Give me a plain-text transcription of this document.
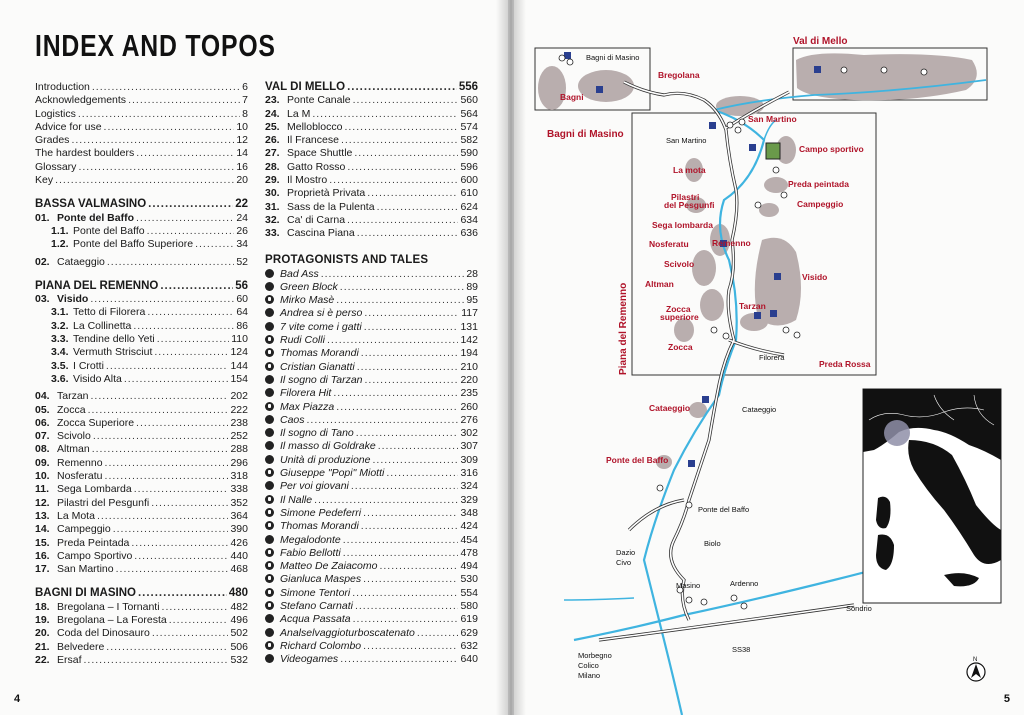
INDEX AND TOPOS
Introduction .....	6
Acknowledgements .....	7
Logistics .....	8
Advice for use .....	10
Grades .....	12
The hardest boulders .....	14
Glossary .....	16
Key .....	20
BASSA VALMASINO .....	22
01. Ponte del Baffo .....	24
1.1. Ponte del Baffo .....	26
1.2. Ponte del Baffo Superiore .....	34
02. Cataeggio .....	52
PIANA DEL REMENNO .....	56
03. Visido .....	60
3.1. Tetto di Filorera .....	64
3.2. La Collinetta .....	86
3.3. Tendine dello Yeti .....	110
3.4. Vermuth Strisciut .....	124
3.5. I Crotti .....	144
3.6. Visido Alta .....	154
04. Tarzan .....	202
05. Zocca .....	222
06. Zocca Superiore .....	238
07. Scivolo .....	252
08. Altman .....	288
09. Remenno .....	296
10. Nosferatu .....	318
11. Sega Lombarda .....	338
12. Pilastri del Pesgunfi .....	352
13. La Mota .....	364
14. Campeggio .....	390
15. Preda Peintada .....	426
16. Campo Sportivo .....	440
17. San Martino .....	468
BAGNI DI MASINO .....	480
18. Bregolana – I Tornanti .....	482
19. Bregolana – La Foresta .....	496
20. Coda del Dinosauro .....	502
21. Belvedere .....	506
22. Ersaf .....	532
VAL DI MELLO .....	556
23. Ponte Canale .....	560
24. La M .....	564
25. Melloblocco .....	574
26. Il Francese .....	582
27. Space Shuttle .....	590
28. Gatto Rosso .....	596
29. Il Mostro .....	600
30. Proprietà Privata .....	610
31. Sass de la Pulenta .....	624
32. Ca' di Carna .....	634
33. Cascina Piana .....	636
PROTAGONISTS AND TALES
Bad Ass .....	28
Green Block .....	89
Mirko Masè .....	95
Andrea si è perso .....	117
7 vite come i gatti .....	131
Rudi Colli .....	142
Thomas Morandi .....	194
Cristian Gianatti .....	210
Il sogno di Tarzan .....	220
Filorera Hit .....	235
Max Piazza .....	260
Caos .....	276
Il sogno di Tano .....	302
Il masso di Goldrake .....	307
Unità di produzione .....	309
Giuseppe "Popi" Miotti .....	316
Per voi giovani .....	324
Il Nalle .....	329
Simone Pedeferri .....	348
Thomas Morandi .....	424
Megalodonte .....	454
Fabio Bellotti .....	478
Matteo De Zaiacomo .....	494
Gianluca Maspes .....	530
Simone Tentori .....	554
Stefano Carnati .....	580
Acqua Passata .....	619
Analselvaggioturboscatenato .....	629
Richard Colombo .....	632
Videogames .....	640
4
Val di Mello
Bagni di Masino
Bagni
Bregolana
San Martino
Campo sportivo
La mota
Preda peintada
Pilastri
del Pesgunfi	Campeggio
Sega lombarda
Remenno
Nosferatu
Scivolo
Visido
Altman
Tarzan
Zocca
superiore
Zocca
Preda Rossa
Cataeggio
Ponte del Baffo
Piana del Remenno
Bagni di Masino
San Martino
Filorera
Cataeggio
Ponte del Baffo
Biolo
Dazio
Civo
Masino	Ardenno
Sondrio
SS38
Morbegno
Colico
Milano
N
5
